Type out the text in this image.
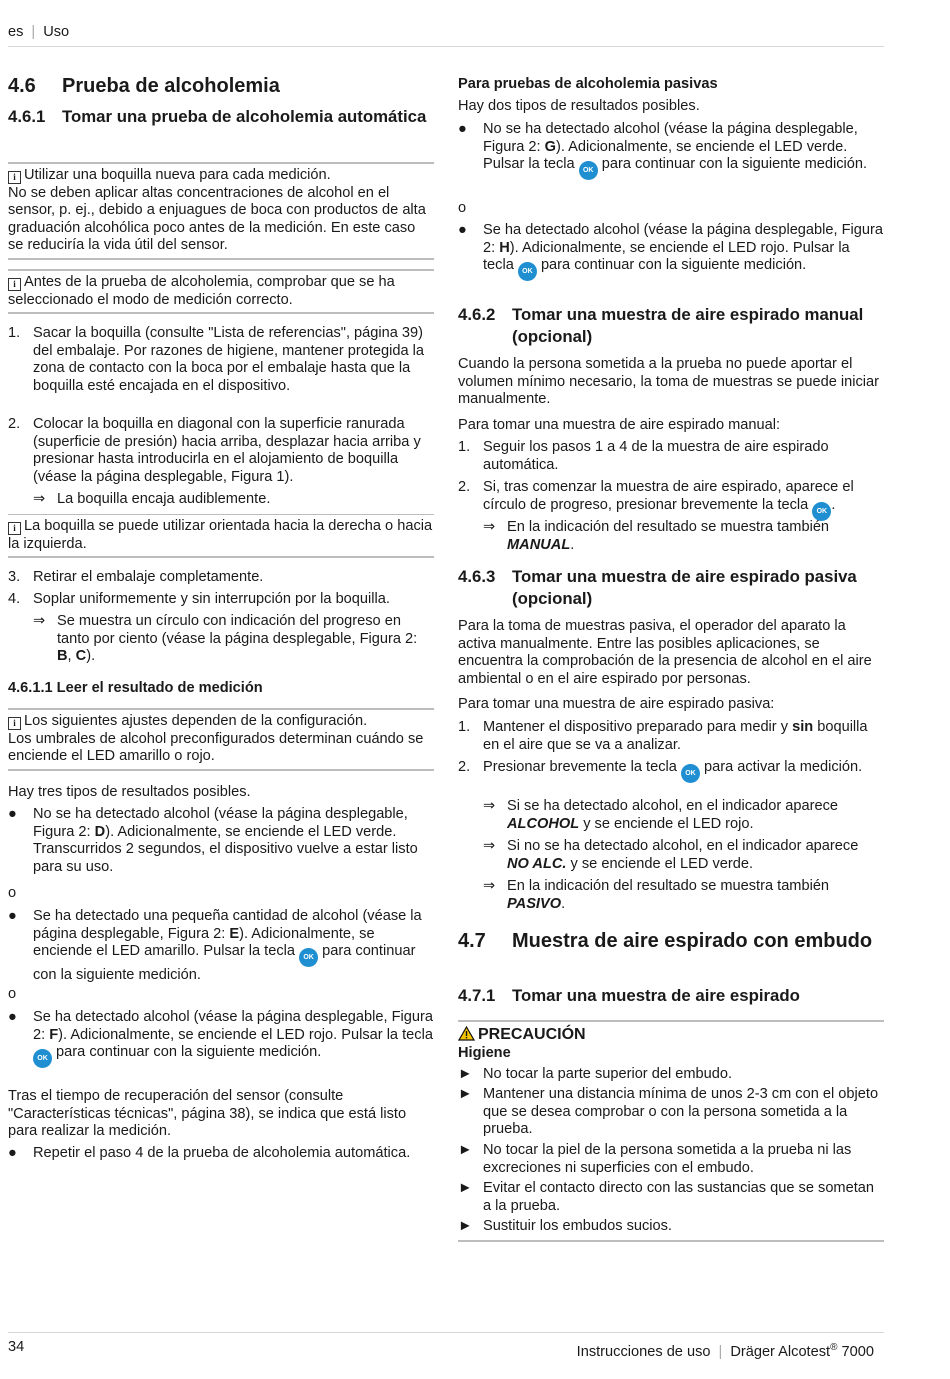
es | Uso
4.6	Prueba de alcoholemia
4.6.1 Tomar una prueba de alcoholemia automática
i Utilizar una boquilla nueva para cada medición.
No se deben aplicar altas concentraciones de alcohol en el sensor, p. ej., debido a enjuagues de boca con productos de alta graduación alcohólica poco antes de la medición. En este caso se reduciría la vida útil del sensor.
i Antes de la prueba de alcoholemia, comprobar que se ha seleccionado el modo de medición correcto.
1. Sacar la boquilla (consulte "Lista de referencias", página 39) del embalaje. Por razones de higiene, mantener protegida la zona de contacto con la boca por el embalaje hasta que la boquilla esté encajada en el dispositivo.
2. Colocar la boquilla en diagonal con la superficie ranurada (superficie de presión) hacia arriba, desplazar hacia arriba y presionar hasta introducirla en el alojamiento de boquilla (véase la página desplegable, Figura 1).
⇒ La boquilla encaja audiblemente.
i La boquilla se puede utilizar orientada hacia la derecha o hacia la izquierda.
3. Retirar el embalaje completamente.
4. Soplar uniformemente y sin interrupción por la boquilla.
⇒ Se muestra un círculo con indicación del progreso en tanto por ciento (véase la página desplegable, Figura 2: B, C).
4.6.1.1 Leer el resultado de medición
i Los siguientes ajustes dependen de la configuración.
Los umbrales de alcohol preconfigurados determinan cuándo se enciende el LED amarillo o rojo.
Hay tres tipos de resultados posibles.
●	No se ha detectado alcohol (véase la página desplegable, Figura 2: D). Adicionalmente, se enciende el LED verde. Transcurridos 2 segundos, el dispositivo vuelve a estar listo para su uso.
o
●	Se ha detectado una pequeña cantidad de alcohol (véase la página desplegable, Figura 2: E). Adicionalmente, se enciende el LED amarillo. Pulsar la tecla OK para continuar con la siguiente medición.
o
●	Se ha detectado alcohol (véase la página desplegable, Figura 2: F). Adicionalmente, se enciende el LED rojo. Pulsar la tecla OK para continuar con la siguiente medición.
Tras el tiempo de recuperación del sensor (consulte "Características técnicas", página 38), se indica que está listo para realizar la medición.
●	Repetir el paso 4 de la prueba de alcoholemia automática.
Para pruebas de alcoholemia pasivas
Hay dos tipos de resultados posibles.
●	No se ha detectado alcohol (véase la página desplegable, Figura 2: G). Adicionalmente, se enciende el LED verde. Pulsar la tecla OK para continuar con la siguiente medición.
o
●	Se ha detectado alcohol (véase la página desplegable, Figura 2: H). Adicionalmente, se enciende el LED rojo. Pulsar la tecla OK para continuar con la siguiente medición.
4.6.2 Tomar una muestra de aire espirado manual (opcional)
Cuando la persona sometida a la prueba no puede aportar el volumen mínimo necesario, la toma de muestras se puede iniciar manualmente.
Para tomar una muestra de aire espirado manual:
1. Seguir los pasos 1 a 4 de la muestra de aire espirado automática.
2. Si, tras comenzar la muestra de aire espirado, aparece el círculo de progreso, presionar brevemente la tecla OK .
⇒ En la indicación del resultado se muestra también MANUAL.
4.6.3 Tomar una muestra de aire espirado pasiva (opcional)
Para la toma de muestras pasiva, el operador del aparato la activa manualmente. Entre las posibles aplicaciones, se encuentra la comprobación de la presencia de alcohol en el aire ambiental o en el aire espirado por personas.
Para tomar una muestra de aire espirado pasiva:
1. Mantener el dispositivo preparado para medir y sin boquilla en el aire que se va a analizar.
2. Presionar brevemente la tecla OK para activar la medición.
⇒ Si se ha detectado alcohol, en el indicador aparece ALCOHOL y se enciende el LED rojo.
⇒ Si no se ha detectado alcohol, en el indicador aparece NO ALC. y se enciende el LED verde.
⇒ En la indicación del resultado se muestra también PASIVO.
4.7	Muestra de aire espirado con embudo
4.7.1 Tomar una muestra de aire espirado
PRECAUCIÓN
Higiene
► No tocar la parte superior del embudo.
► Mantener una distancia mínima de unos 2-3 cm con el objeto que se desea comprobar o con la persona sometida a la prueba.
► No tocar la piel de la persona sometida a la prueba ni las excreciones ni superficies con el embudo.
► Evitar el contacto directo con las sustancias que se sometan a la prueba.
► Sustituir los embudos sucios.
34	Instrucciones de uso | Dräger Alcotest® 7000
